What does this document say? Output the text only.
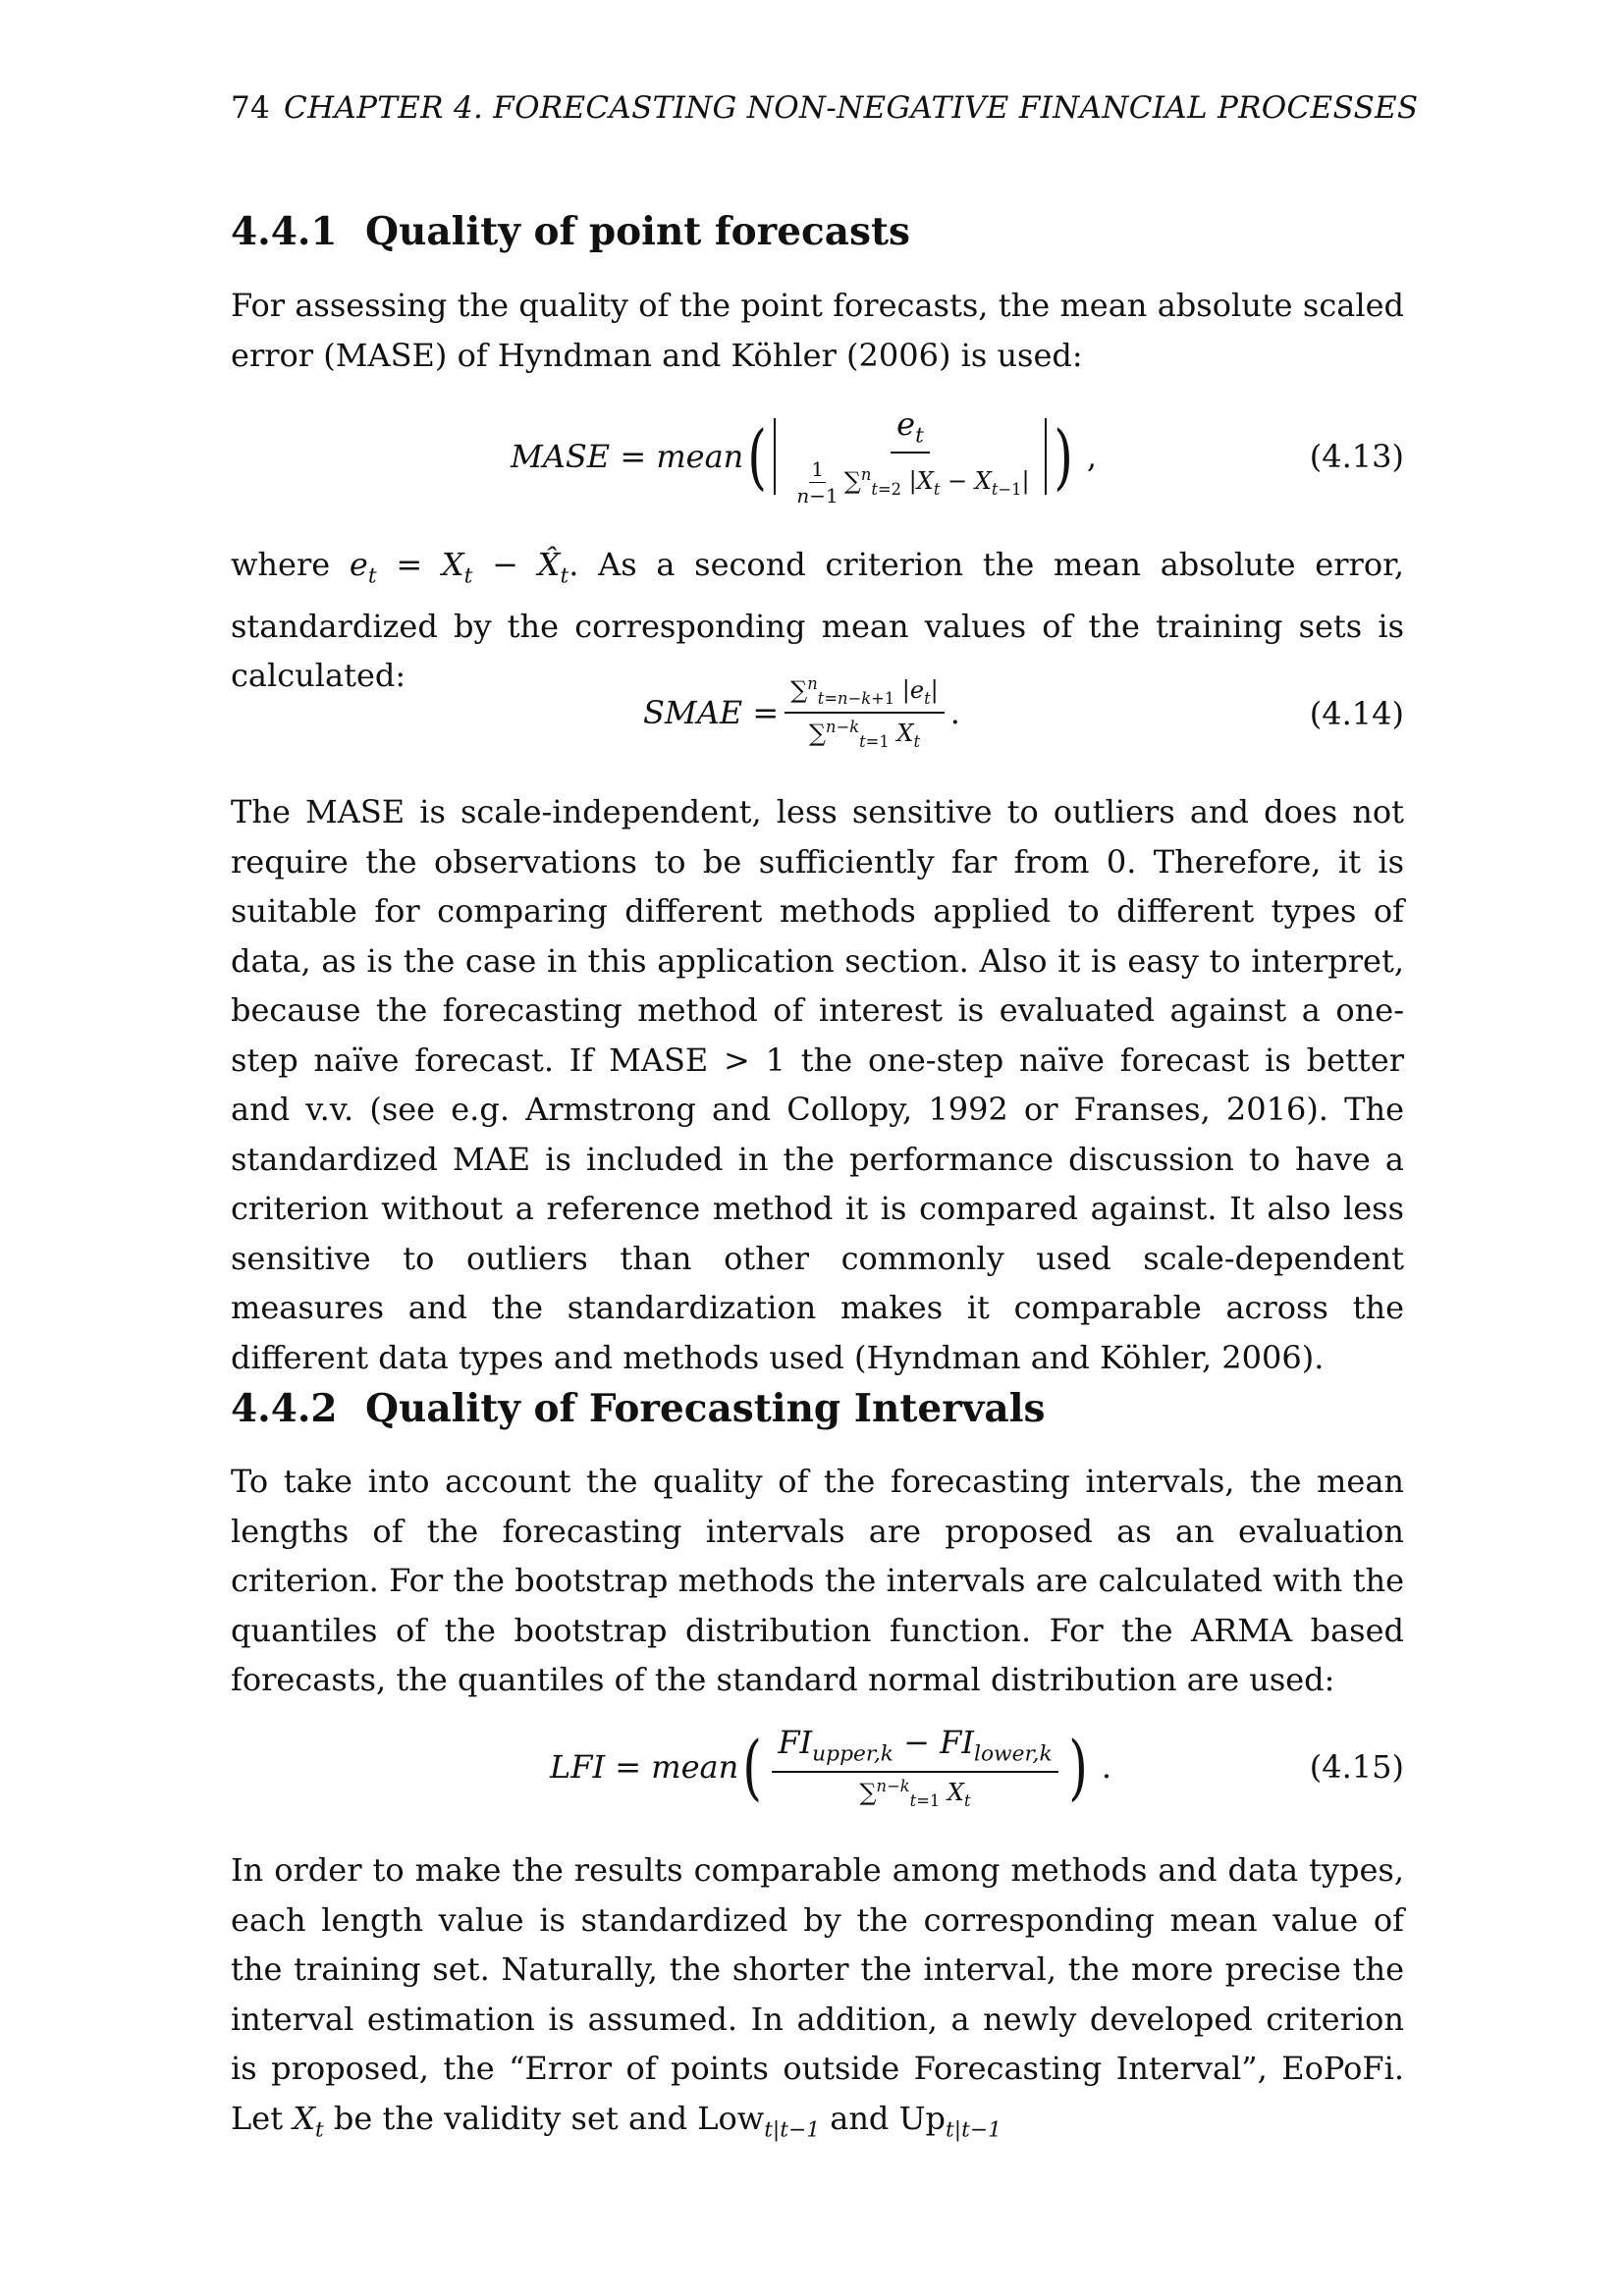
74 CHAPTER 4. FORECASTING NON-NEGATIVE FINANCIAL PROCESSES
4.4.1 Quality of point forecasts

For assessing the quality of the point forecasts, the mean absolute scaled error (MASE) of Hyndman and Köhler (2006) is used:

MASE = mean ( $\frac{e_t}{\frac{1}{n-1} \sum^n_{t=2} |X_t - X_{t-1}|}$ ) ,	(4.13)

where $e_t = X_t$ − $X̂_t$. As a second criterion the mean absolute error, standardized by the corresponding mean values of the training sets is calculated:

SMAE = $\frac{\sum^n_{t=n-k+1} |e_t|}{\sum^{n-k}_{t=1} X_t}$ .	(4.14)

The MASE is scale-independent, less sensitive to outliers and does not require the observations to be sufficiently far from 0. Therefore, it is suitable for comparing different methods applied to different types of data, as is the case in this application section. Also it is easy to interpret, because the forecasting method of interest is evaluated against a one-step naïve forecast. If MASE > 1 the one-step naïve forecast is better and v.v. (see e.g. Armstrong and Collopy, 1992 or Franses, 2016). The standardized MAE is included in the performance discussion to have a criterion without a reference method it is compared against. It also less sensitive to outliers than other commonly used scale-dependent measures and the standardization makes it comparable across the different data types and methods used (Hyndman and Köhler, 2006).

4.4.2 Quality of Forecasting Intervals

To take into account the quality of the forecasting intervals, the mean lengths of the forecasting intervals are proposed as an evaluation criterion. For the bootstrap methods the intervals are calculated with the quantiles of the bootstrap distribution function. For the ARMA based forecasts, the quantiles of the standard normal distribution are used:

LFI = mean ( $\frac{FI_{upper,k} - FI_{lower,k}}{\sum^{n-k}_{t=1} X_t}$ ) .	(4.15)

In order to make the results comparable among methods and data types, each length value is standardized by the corresponding mean value of the training set. Naturally, the shorter the interval, the more precise the interval estimation is assumed. In addition, a newly developed criterion is proposed, the “Error of points outside Forecasting Interval”, EoPoFi. Let $X_t$ be the validity set and Low$_{t|t-1}$ and $Up_{t|t-1}$
